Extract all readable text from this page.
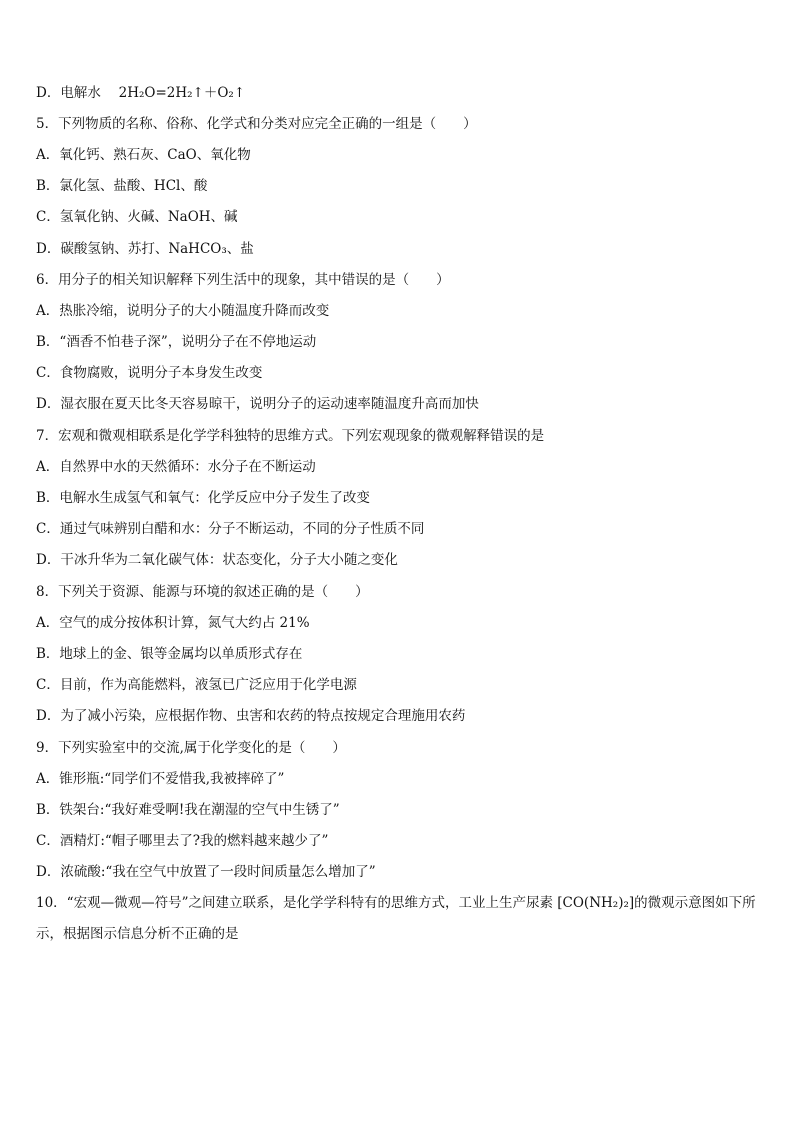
D．电解水　 2H₂O=2H₂↑＋O₂↑
5．下列物质的名称、俗称、化学式和分类对应完全正确的一组是（　　）
A．氧化钙、熟石灰、CaO、氧化物
B．氯化氢、盐酸、HCl、酸
C．氢氧化钠、火碱、NaOH、碱
D．碳酸氢钠、苏打、NaHCO₃、盐
6．用分子的相关知识解释下列生活中的现象，其中错误的是（　　）
A．热胀冷缩，说明分子的大小随温度升降而改变
B．“酒香不怕巷子深”，说明分子在不停地运动
C．食物腐败，说明分子本身发生改变
D．湿衣服在夏天比冬天容易晾干，说明分子的运动速率随温度升高而加快
7．宏观和微观相联系是化学学科独特的思维方式。下列宏观现象的微观解释错误的是
A．自然界中水的天然循环：水分子在不断运动
B．电解水生成氢气和氧气：化学反应中分子发生了改变
C．通过气味辨别白醋和水：分子不断运动，不同的分子性质不同
D．干冰升华为二氧化碳气体：状态变化，分子大小随之变化
8．下列关于资源、能源与环境的叙述正确的是（　　）
A．空气的成分按体积计算，氮气大约占 21%
B．地球上的金、银等金属均以单质形式存在
C．目前，作为高能燃料，液氢已广泛应用于化学电源
D．为了减小污染，应根据作物、虫害和农药的特点按规定合理施用农药
9．下列实验室中的交流,属于化学变化的是（　　）
A．锥形瓶:“同学们不爱惜我,我被摔碎了”
B．铁架台:“我好难受啊!我在潮湿的空气中生锈了”
C．酒精灯:“帽子哪里去了?我的燃料越来越少了”
D．浓硫酸:“我在空气中放置了一段时间质量怎么增加了”
10．“宏观—微观—符号”之间建立联系，是化学学科特有的思维方式，工业上生产尿素 [CO(NH₂)₂]的微观示意图如下所示，根据图示信息分析不正确的是
